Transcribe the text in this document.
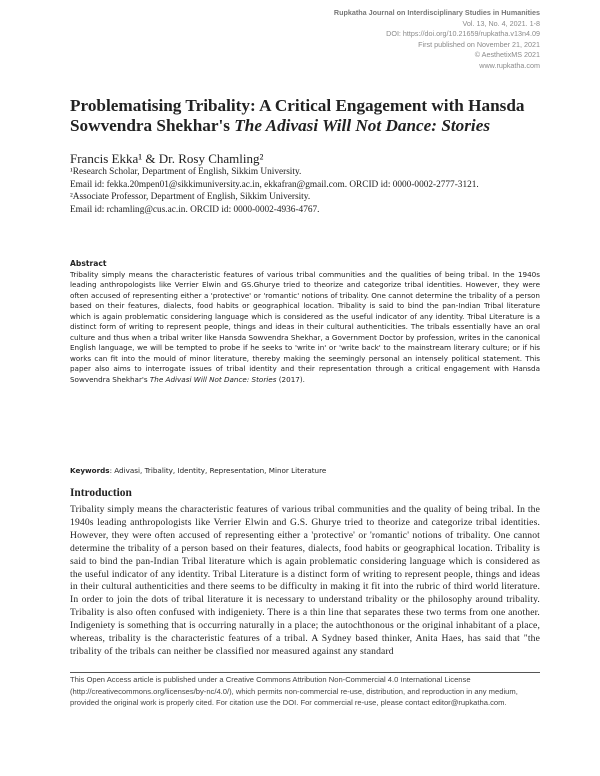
Rupkatha Journal on Interdisciplinary Studies in Humanities
Vol. 13, No. 4, 2021. 1-8
DOI: https://doi.org/10.21659/rupkatha.v13n4.09
First published on November 21, 2021
© AesthetixMS 2021
www.rupkatha.com
Problematising Tribality: A Critical Engagement with Hansda Sowvendra Shekhar's The Adivasi Will Not Dance: Stories
Francis Ekka¹ & Dr. Rosy Chamling²
¹Research Scholar, Department of English, Sikkim University.
Email id: fekka.20mpen01@sikkimuniversity.ac.in, ekkafran@gmail.com. ORCID id: 0000-0002-2777-3121.
²Associate Professor, Department of English, Sikkim University.
Email id: rchamling@cus.ac.in. ORCID id: 0000-0002-4936-4767.
Abstract

Tribality simply means the characteristic features of various tribal communities and the qualities of being tribal. In the 1940s leading anthropologists like Verrier Elwin and GS.Ghurye tried to theorize and categorize tribal identities. However, they were often accused of representing either a 'protective' or 'romantic' notions of tribality. One cannot determine the tribality of a person based on their features, dialects, food habits or geographical location. Tribality is said to bind the pan-Indian Tribal literature which is again problematic considering language which is considered as the useful indicator of any identity. Tribal Literature is a distinct form of writing to represent people, things and ideas in their cultural authenticities. The tribals essentially have an oral culture and thus when a tribal writer like Hansda Sowvendra Shekhar, a Government Doctor by profession, writes in the canonical English language, we will be tempted to probe if he seeks to 'write in' or 'write back' to the mainstream literary culture; or if his works can fit into the mould of minor literature, thereby making the seemingly personal an intensely political statement. This paper also aims to interrogate issues of tribal identity and their representation through a critical engagement with Hansda Sowvendra Shekhar's The Adivasi Will Not Dance: Stories (2017).

Keywords: Adivasi, Tribality, Identity, Representation, Minor Literature
Introduction

Tribality simply means the characteristic features of various tribal communities and the quality of being tribal. In the 1940s leading anthropologists like Verrier Elwin and G.S. Ghurye tried to theorize and categorize tribal identities. However, they were often accused of representing either a 'protective' or 'romantic' notions of tribality. One cannot determine the tribality of a person based on their features, dialects, food habits or geographical location. Tribality is said to bind the pan-Indian Tribal literature which is again problematic considering language which is considered as the useful indicator of any identity. Tribal Literature is a distinct form of writing to represent people, things and ideas in their cultural authenticities and there seems to be difficulty in making it fit into the rubric of third world literature. In order to join the dots of tribal literature it is necessary to understand tribality or the philosophy around tribality. Tribality is also often confused with indigeniety. There is a thin line that separates these two terms from one another. Indigeniety is something that is occurring naturally in a place; the autochthonous or the original inhabitant of a place, whereas, tribality is the characteristic features of a tribal. A Sydney based thinker, Anita Haes, has said that "the tribality of the tribals can neither be classified nor measured against any standard

This Open Access article is published under a Creative Commons Attribution Non-Commercial 4.0 International License (http://creativecommons.org/licenses/by-nc/4.0/), which permits non-commercial re-use, distribution, and reproduction in any medium, provided the original work is properly cited. For citation use the DOI. For commercial re-use, please contact editor@rupkatha.com.
